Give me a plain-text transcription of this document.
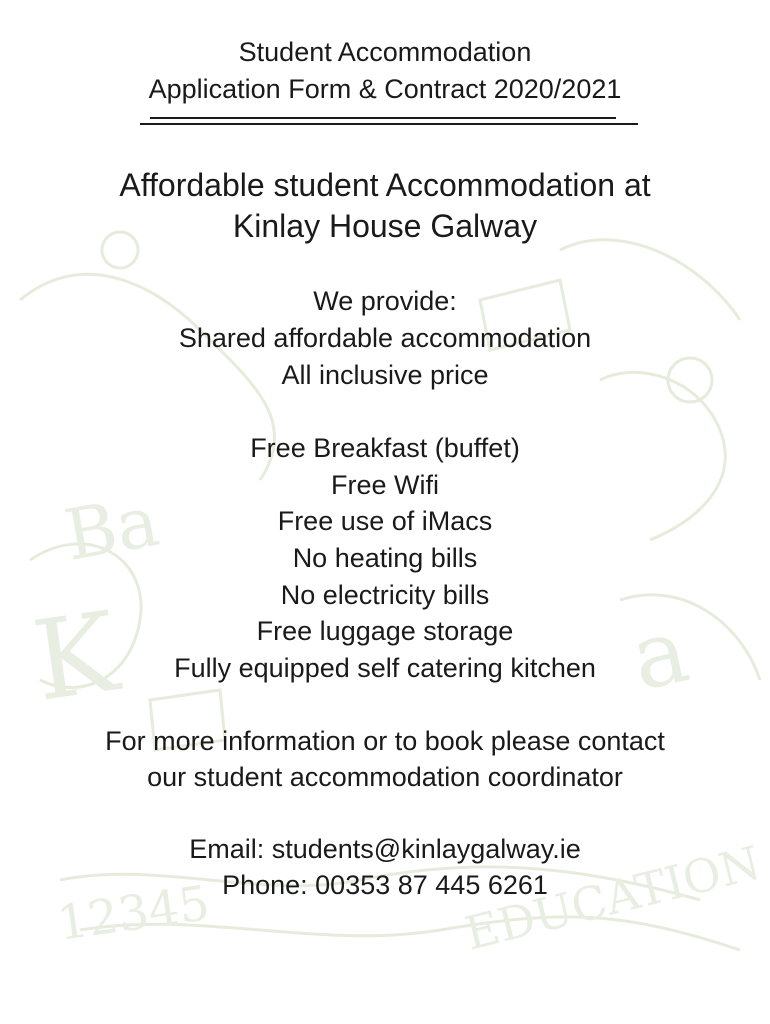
Ba
a
K
12345	EDUCATION
Student Accommodation
Application Form & Contract 2020/2021
Affordable student Accommodation at
Kinlay House Galway
We provide:
Shared affordable accommodation
All inclusive price
Free Breakfast (buffet)
Free Wifi
Free use of iMacs
No heating bills
No electricity bills
Free luggage storage
Fully equipped self catering kitchen
For more information or to book please contact
our student accommodation coordinator
Email: students@kinlaygalway.ie
Phone: 00353 87 445 6261
